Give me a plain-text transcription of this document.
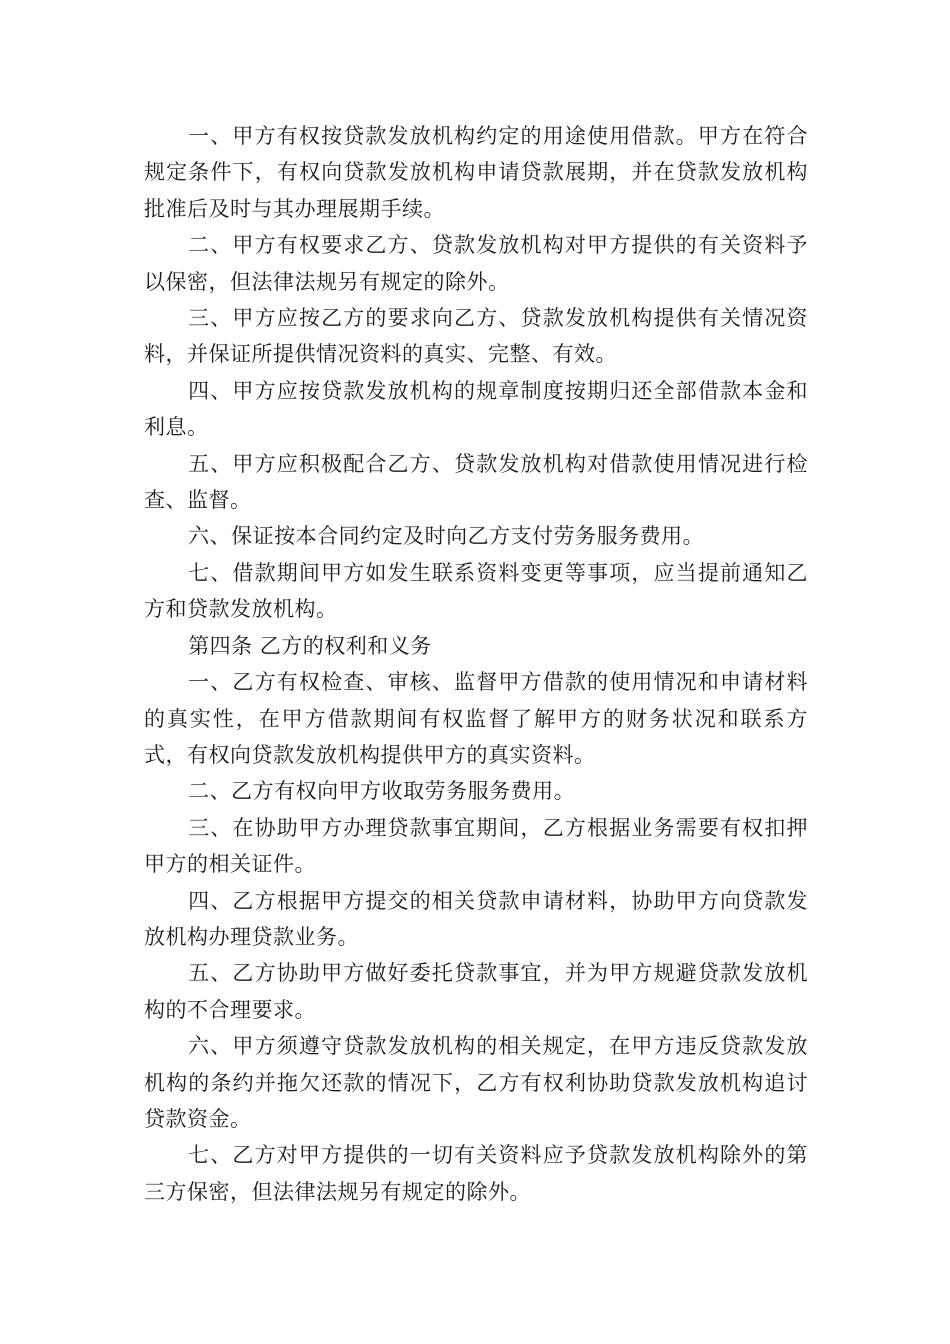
一、甲方有权按贷款发放机构约定的用途使用借款。甲方在符合规定条件下，有权向贷款发放机构申请贷款展期，并在贷款发放机构批准后及时与其办理展期手续。

二、甲方有权要求乙方、贷款发放机构对甲方提供的有关资料予以保密，但法律法规另有规定的除外。

三、甲方应按乙方的要求向乙方、贷款发放机构提供有关情况资料，并保证所提供情况资料的真实、完整、有效。

四、甲方应按贷款发放机构的规章制度按期归还全部借款本金和利息。

五、甲方应积极配合乙方、贷款发放机构对借款使用情况进行检查、监督。

六、保证按本合同约定及时向乙方支付劳务服务费用。

七、借款期间甲方如发生联系资料变更等事项，应当提前通知乙方和贷款发放机构。

第四条 乙方的权利和义务

一、乙方有权检查、审核、监督甲方借款的使用情况和申请材料的真实性，在甲方借款期间有权监督了解甲方的财务状况和联系方式，有权向贷款发放机构提供甲方的真实资料。

二、乙方有权向甲方收取劳务服务费用。

三、在协助甲方办理贷款事宜期间，乙方根据业务需要有权扣押甲方的相关证件。

四、乙方根据甲方提交的相关贷款申请材料，协助甲方向贷款发放机构办理贷款业务。

五、乙方协助甲方做好委托贷款事宜，并为甲方规避贷款发放机构的不合理要求。

六、甲方须遵守贷款发放机构的相关规定，在甲方违反贷款发放机构的条约并拖欠还款的情况下，乙方有权利协助贷款发放机构追讨贷款资金。

七、乙方对甲方提供的一切有关资料应予贷款发放机构除外的第三方保密，但法律法规另有规定的除外。
